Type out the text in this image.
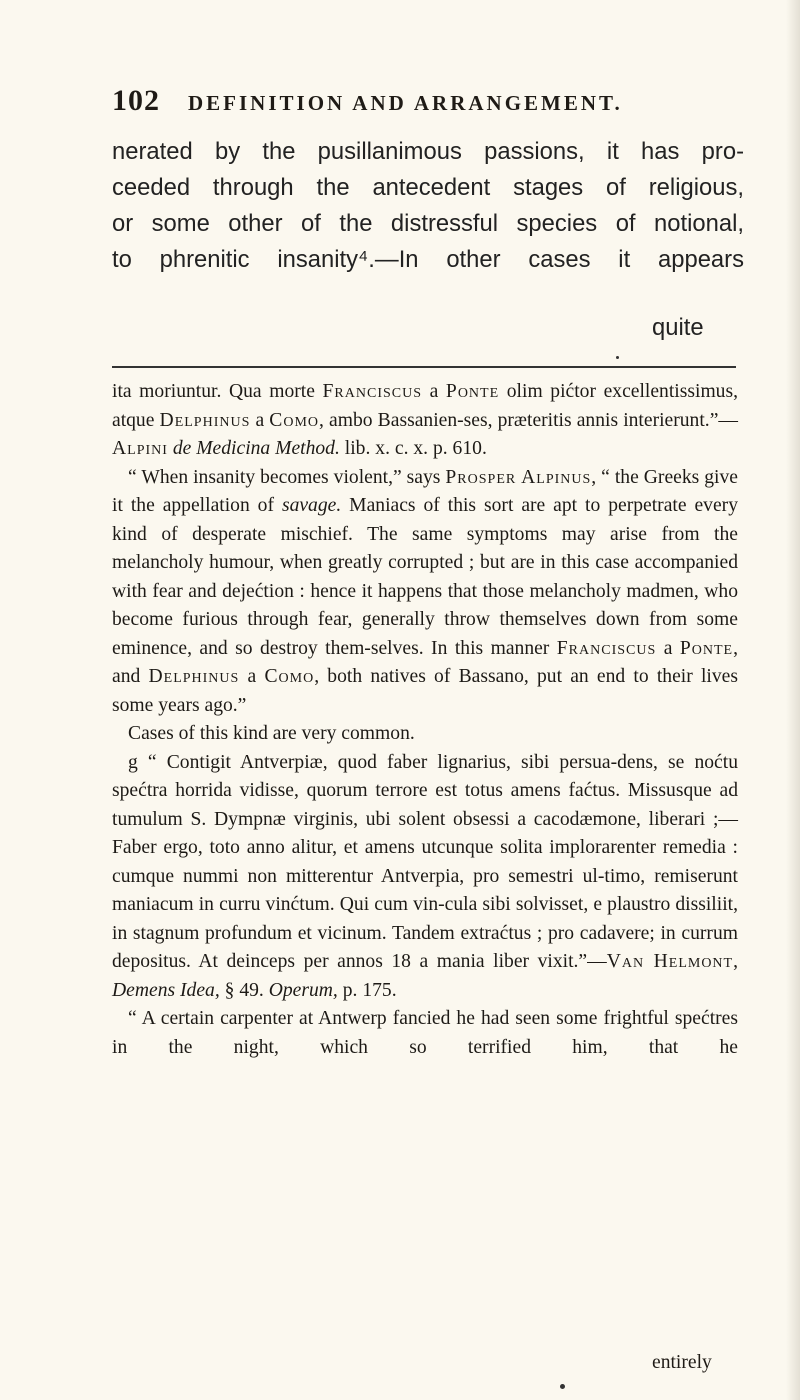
102 DEFINITION AND ARRANGEMENT.

nerated by the pusillanimous passions, it has pro-

ceeded through the antecedent stages of religious,

or some other of the distressful species of notional,

to phrenitic insanity⁴.—In other cases it appears

quite

ita moriuntur. Qua morte Franciscus a Ponte olim pićtor excellentissimus, atque Delphinus a Como, ambo Bassanien-ses, præteritis annis interierunt.”—Alpini de Medicina Method. lib. x. c. x. p. 610.

“ When insanity becomes violent,” says Prosper Alpinus, “ the Greeks give it the appellation of savage. Maniacs of this sort are apt to perpetrate every kind of desperate mischief. The same symptoms may arise from the melancholy humour, when greatly corrupted ; but are in this case accompanied with fear and dejećtion : hence it happens that those melancholy madmen, who become furious through fear, generally throw themselves down from some eminence, and so destroy them-selves. In this manner Franciscus a Ponte, and Delphinus a Como, both natives of Bassano, put an end to their lives some years ago.”

Cases of this kind are very common.

g “ Contigit Antverpiæ, quod faber lignarius, sibi persua-dens, se noćtu spećtra horrida vidisse, quorum terrore est totus amens faćtus. Missusque ad tumulum S. Dympnæ virginis, ubi solent obsessi a cacodæmone, liberari ;—Faber ergo, toto anno alitur, et amens utcunque solita implorarenter remedia : cumque nummi non mitterentur Antverpia, pro semestri ul-timo, remiserunt maniacum in curru vinćtum. Qui cum vin-cula sibi solvisset, e plaustro dissiliit, in stagnum profundum et vicinum. Tandem extraćtus ; pro cadavere; in currum depositus. At deinceps per annos 18 a mania liber vixit.”—Van Helmont, Demens Idea, § 49. Operum, p. 175.

“ A certain carpenter at Antwerp fancied he had seen some frightful spećtres in the night, which so terrified him, that he

entirely
